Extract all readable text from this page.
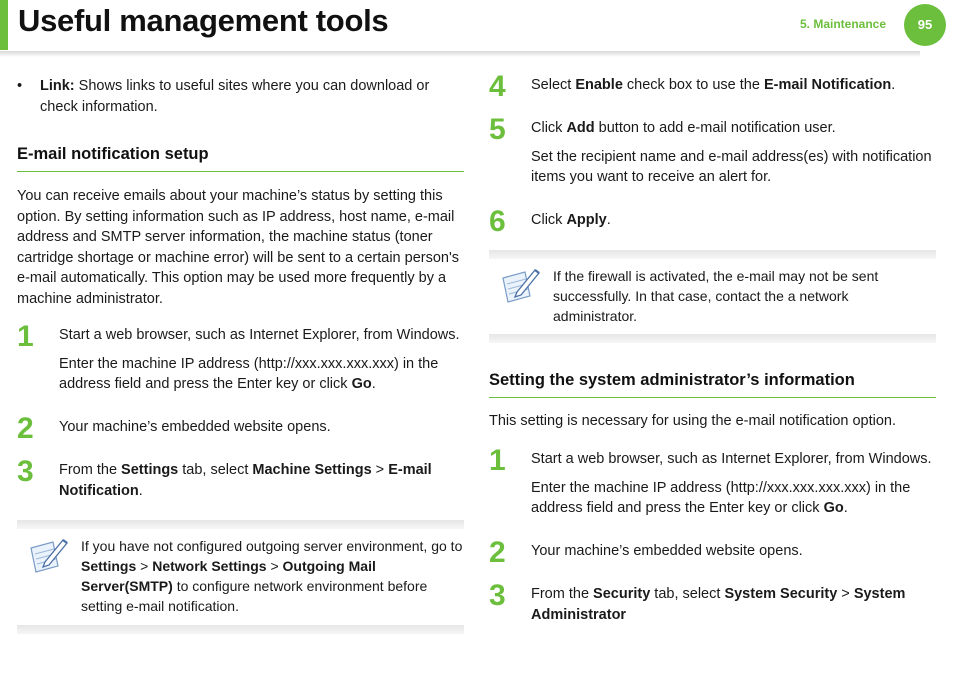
Useful management tools	5. Maintenance	95
• Link: Shows links to useful sites where you can download or check information.
E-mail notification setup

You can receive emails about your machine’s status by setting this option. By setting information such as IP address, host name, e-mail address and SMTP server information, the machine status (toner cartridge shortage or machine error) will be sent to a certain person's e-mail automatically. This option may be used more frequently by a machine administrator.

1 Start a web browser, such as Internet Explorer, from Windows.

Enter the machine IP address (http://xxx.xxx.xxx.xxx) in the address field and press the Enter key or click Go.

2 Your machine’s embedded website opens.

3 From the Settings tab, select Machine Settings > E-mail Notification.

If you have not configured outgoing server environment, go to Settings > Network Settings > Outgoing Mail Server(SMTP) to configure network environment before setting e-mail notification.

4 Select Enable check box to use the E-mail Notification.

5 Click Add button to add e-mail notification user.

Set the recipient name and e-mail address(es) with notification items you want to receive an alert for.

6 Click Apply.

If the firewall is activated, the e-mail may not be sent successfully. In that case, contact the a network administrator.

Setting the system administrator’s information

This setting is necessary for using the e-mail notification option.

1 Start a web browser, such as Internet Explorer, from Windows.

Enter the machine IP address (http://xxx.xxx.xxx.xxx) in the address field and press the Enter key or click Go.

2 Your machine’s embedded website opens.

3 From the Security tab, select System Security > System Administrator
